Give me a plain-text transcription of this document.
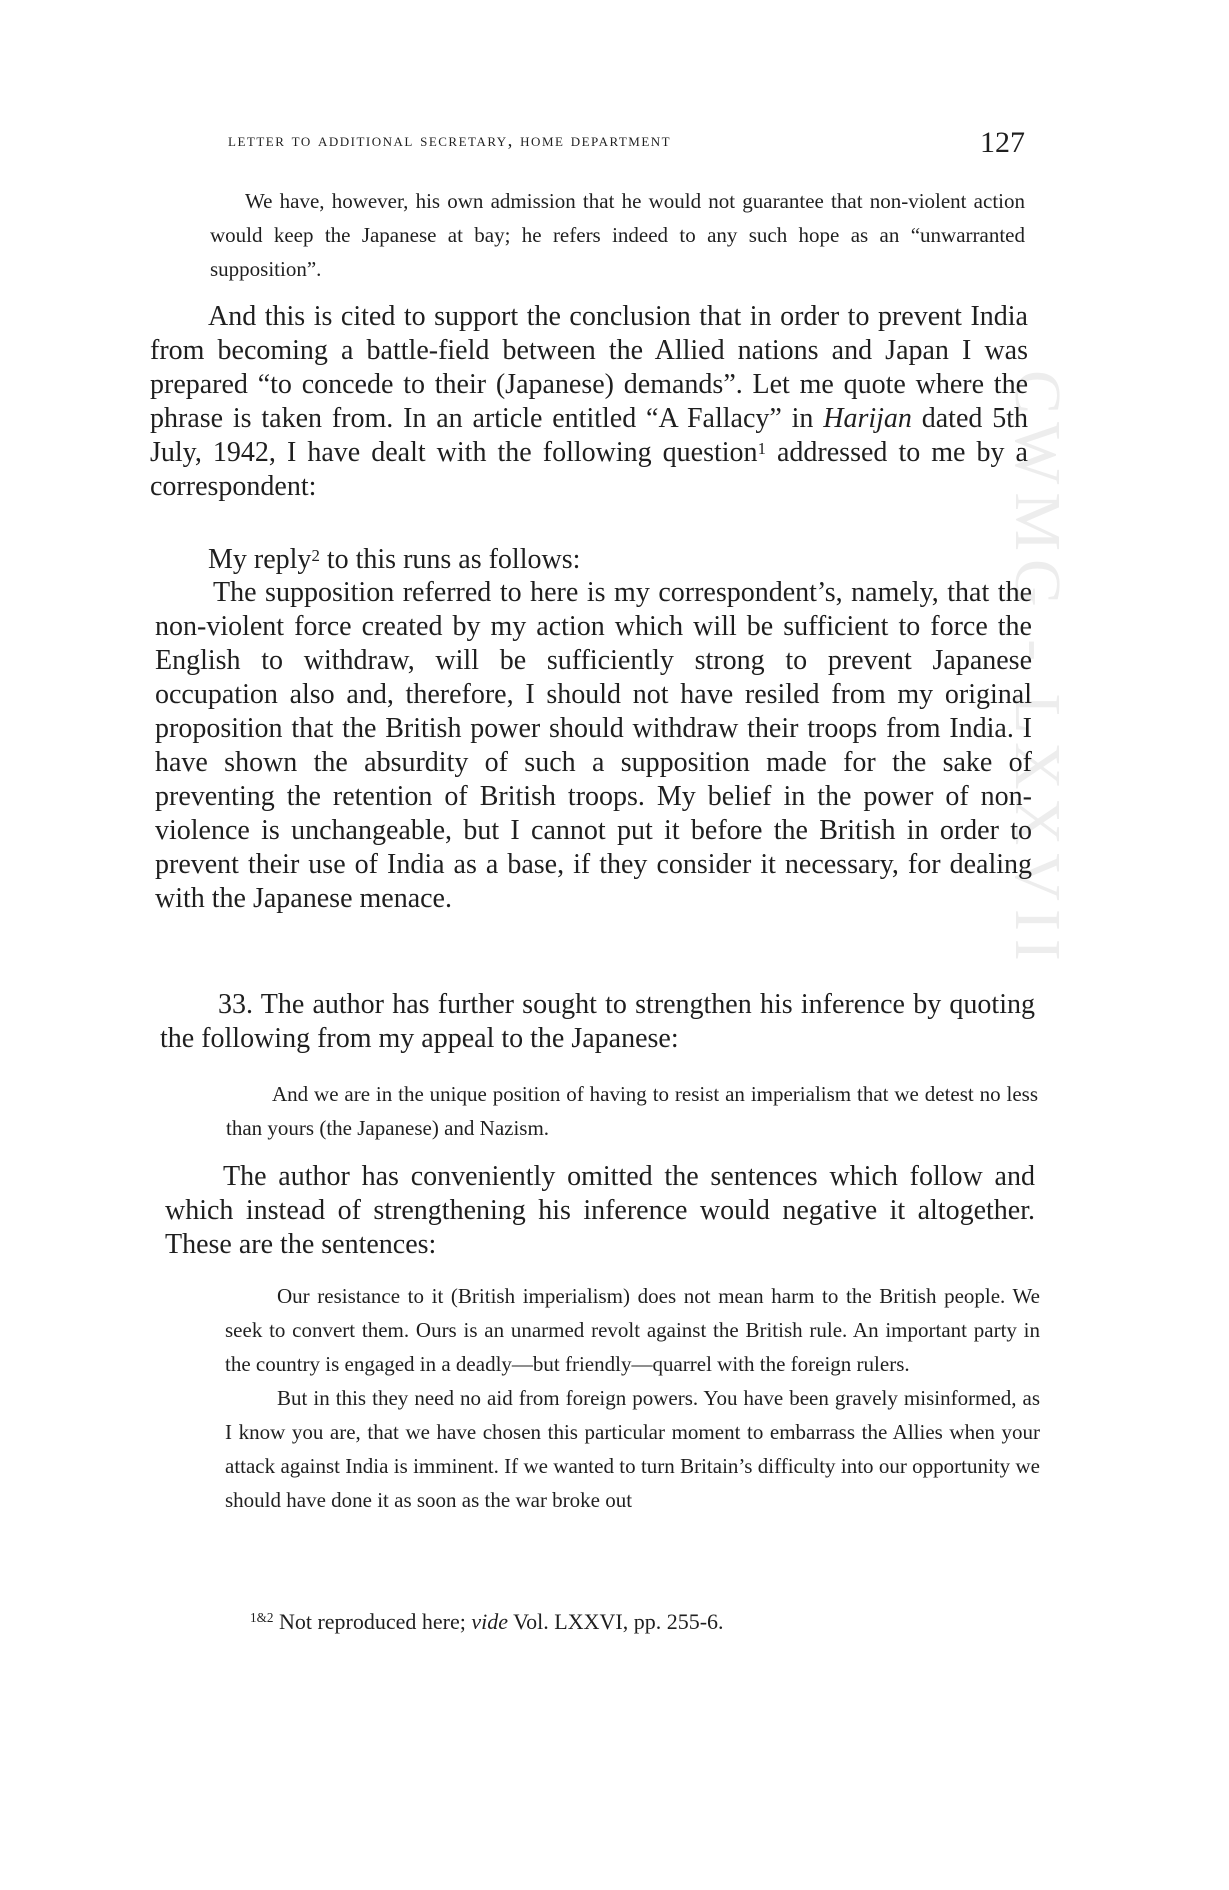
CWMG - LXXVII
letter to additional secretary, home department	127

We have, however, his own admission that he would not guarantee that non-violent action would keep the Japanese at bay; he refers indeed to any such hope as an “unwarranted supposition”.

And this is cited to support the conclusion that in order to prevent India from becoming a battle-field between the Allied nations and Japan I was prepared “to concede to their (Japanese) demands”. Let me quote where the phrase is taken from. In an article entitled “A Fallacy” in Harijan dated 5th July, 1942, I have dealt with the following question$^1$ addressed to me by a correspondent:

My reply$^2$ to this runs as follows:

The supposition referred to here is my correspondent’s, namely, that the non-violent force created by my action which will be sufficient to force the English to withdraw, will be sufficiently strong to prevent Japanese occupation also and, therefore, I should not have resiled from my original proposition that the British power should withdraw their troops from India. I have shown the absurdity of such a supposition made for the sake of preventing the retention of British troops. My belief in the power of non-violence is unchangeable, but I cannot put it before the British in order to prevent their use of India as a base, if they consider it necessary, for dealing with the Japanese menace.

33. The author has further sought to strengthen his inference by quoting the following from my appeal to the Japanese:

And we are in the unique position of having to resist an imperialism that we detest no less than yours (the Japanese) and Nazism.

The author has conveniently omitted the sentences which follow and which instead of strengthening his inference would negative it altogether. These are the sentences:

Our resistance to it (British imperialism) does not mean harm to the British people. We seek to convert them. Ours is an unarmed revolt against the British rule. An important party in the country is engaged in a deadly—but friendly—quarrel with the foreign rulers.

But in this they need no aid from foreign powers. You have been gravely misinformed, as I know you are, that we have chosen this particular moment to embarrass the Allies when your attack against India is imminent. If we wanted to turn Britain’s difficulty into our opportunity we should have done it as soon as the war broke out

$^{1\&2}$ Not reproduced here; vide Vol. LXXVI, pp. 255-6.
